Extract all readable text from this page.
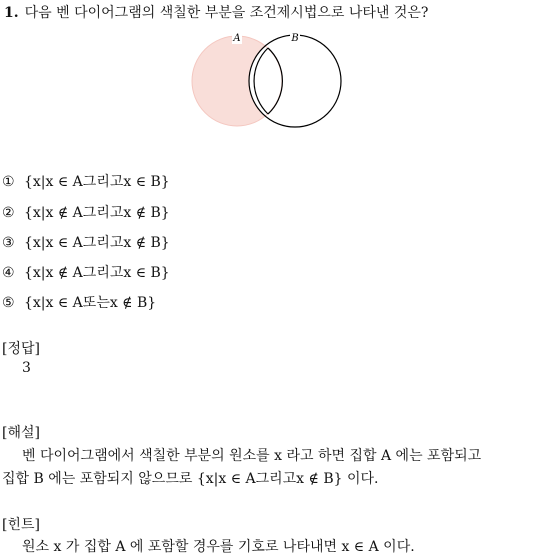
1. 다음 벤 다이어그램의 색칠한 부분을 조건제시법으로 나타낸 것은?
A	B
① {x|x ∈ A그리고x ∈ B}
② {x|x ∉ A그리고x ∉ B}
③ {x|x ∈ A그리고x ∉ B}
④ {x|x ∉ A그리고x ∈ B}
⑤ {x|x ∈ A또는x ∉ B}
[정답]
3
[해설]
벤 다이어그램에서 색칠한 부분의 원소를 x 라고 하면 집합 A 에는 포함되고
집합 B 에는 포함되지 않으므로 {x|x ∈ A그리고x ∉ B} 이다.
[힌트]
원소 x 가 집합 A 에 포함할 경우를 기호로 나타내면 x ∈ A 이다.
